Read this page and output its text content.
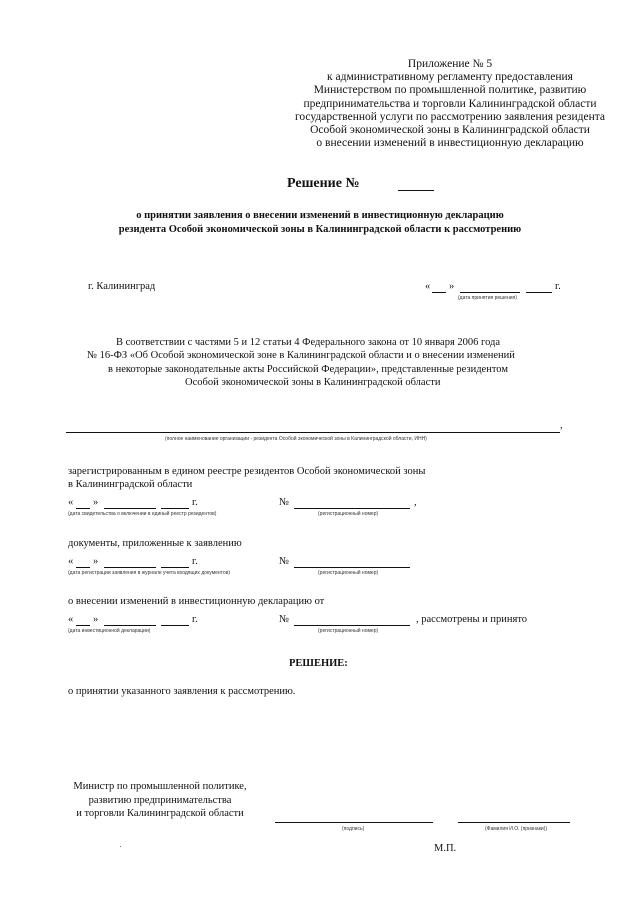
Приложение № 5
к административному регламенту предоставления
Министерством по промышленной политике, развитию
предпринимательства и торговли Калининградской области
государственной услуги по рассмотрению заявления резидента
Особой экономической зоны в Калининградской области
о внесении изменений в инвестиционную декларацию
Решение №
о принятии заявления о внесении изменений в инвестиционную декларацию
резидента Особой экономической зоны в Калининградской области к рассмотрению
г. Калининград	« »	г.
(дата принятия решения)
В соответствии с частями 5 и 12 статьи 4 Федерального закона от 10 января 2006 года
№ 16-ФЗ «Об Особой экономической зоне в Калининградской области и о внесении изменений
в некоторые законодательные акты Российской Федерации», представленные резидентом
Особой экономической зоны в Калининградской области
,
(полное наименование организации - резидента Особой экономической зоны в Калининградской области, ИНН)
зарегистрированным в едином реестре резидентов Особой экономической зоны
в Калининградской области
« »	г.	№	,
(дата свидетельства о включении в единый реестр резидентов)	(регистрационный номер)
документы, приложенные к заявлению
« »	г.	№
(дата регистрации заявления в журнале учета входящих документов)	(регистрационный номер)
о внесении изменений в инвестиционную декларацию от
« »	г.	№	, рассмотрены и принято
(дата инвестиционной декларации)	(регистрационный номер)
РЕШЕНИЕ:
о принятии указанного заявления к рассмотрению.
Министр по промышленной политике,
развитию предпринимательства
и торговли Калининградской области
(подпись)	(Фамилия И.О. (признаки))
М.П.
